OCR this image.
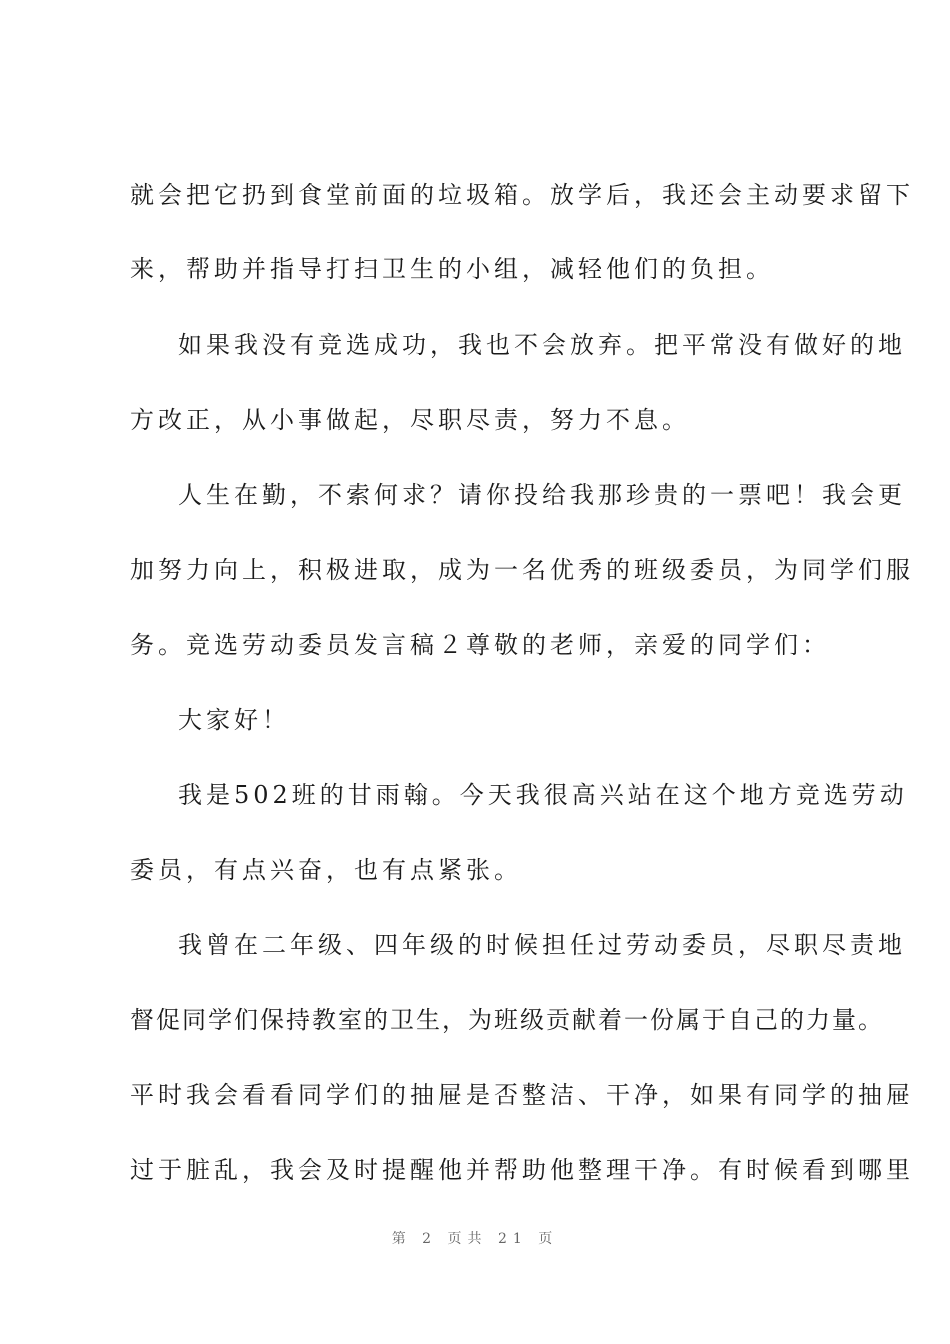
就会把它扔到食堂前面的垃圾箱。放学后，我还会主动要求留下
来，帮助并指导打扫卫生的小组，减轻他们的负担。
如果我没有竞选成功，我也不会放弃。把平常没有做好的地
方改正，从小事做起，尽职尽责，努力不息。
人生在勤，不索何求？请你投给我那珍贵的一票吧！我会更
加努力向上，积极进取，成为一名优秀的班级委员，为同学们服
务。竞选劳动委员发言稿２尊敬的老师，亲爱的同学们：
大家好！
我是502班的甘雨翰。今天我很高兴站在这个地方竞选劳动
委员，有点兴奋，也有点紧张。
我曾在二年级、四年级的时候担任过劳动委员，尽职尽责地
督促同学们保持教室的卫生，为班级贡献着一份属于自己的力量。
平时我会看看同学们的抽屉是否整洁、干净，如果有同学的抽屉
过于脏乱，我会及时提醒他并帮助他整理干净。有时候看到哪里
第 2 页共 21 页
